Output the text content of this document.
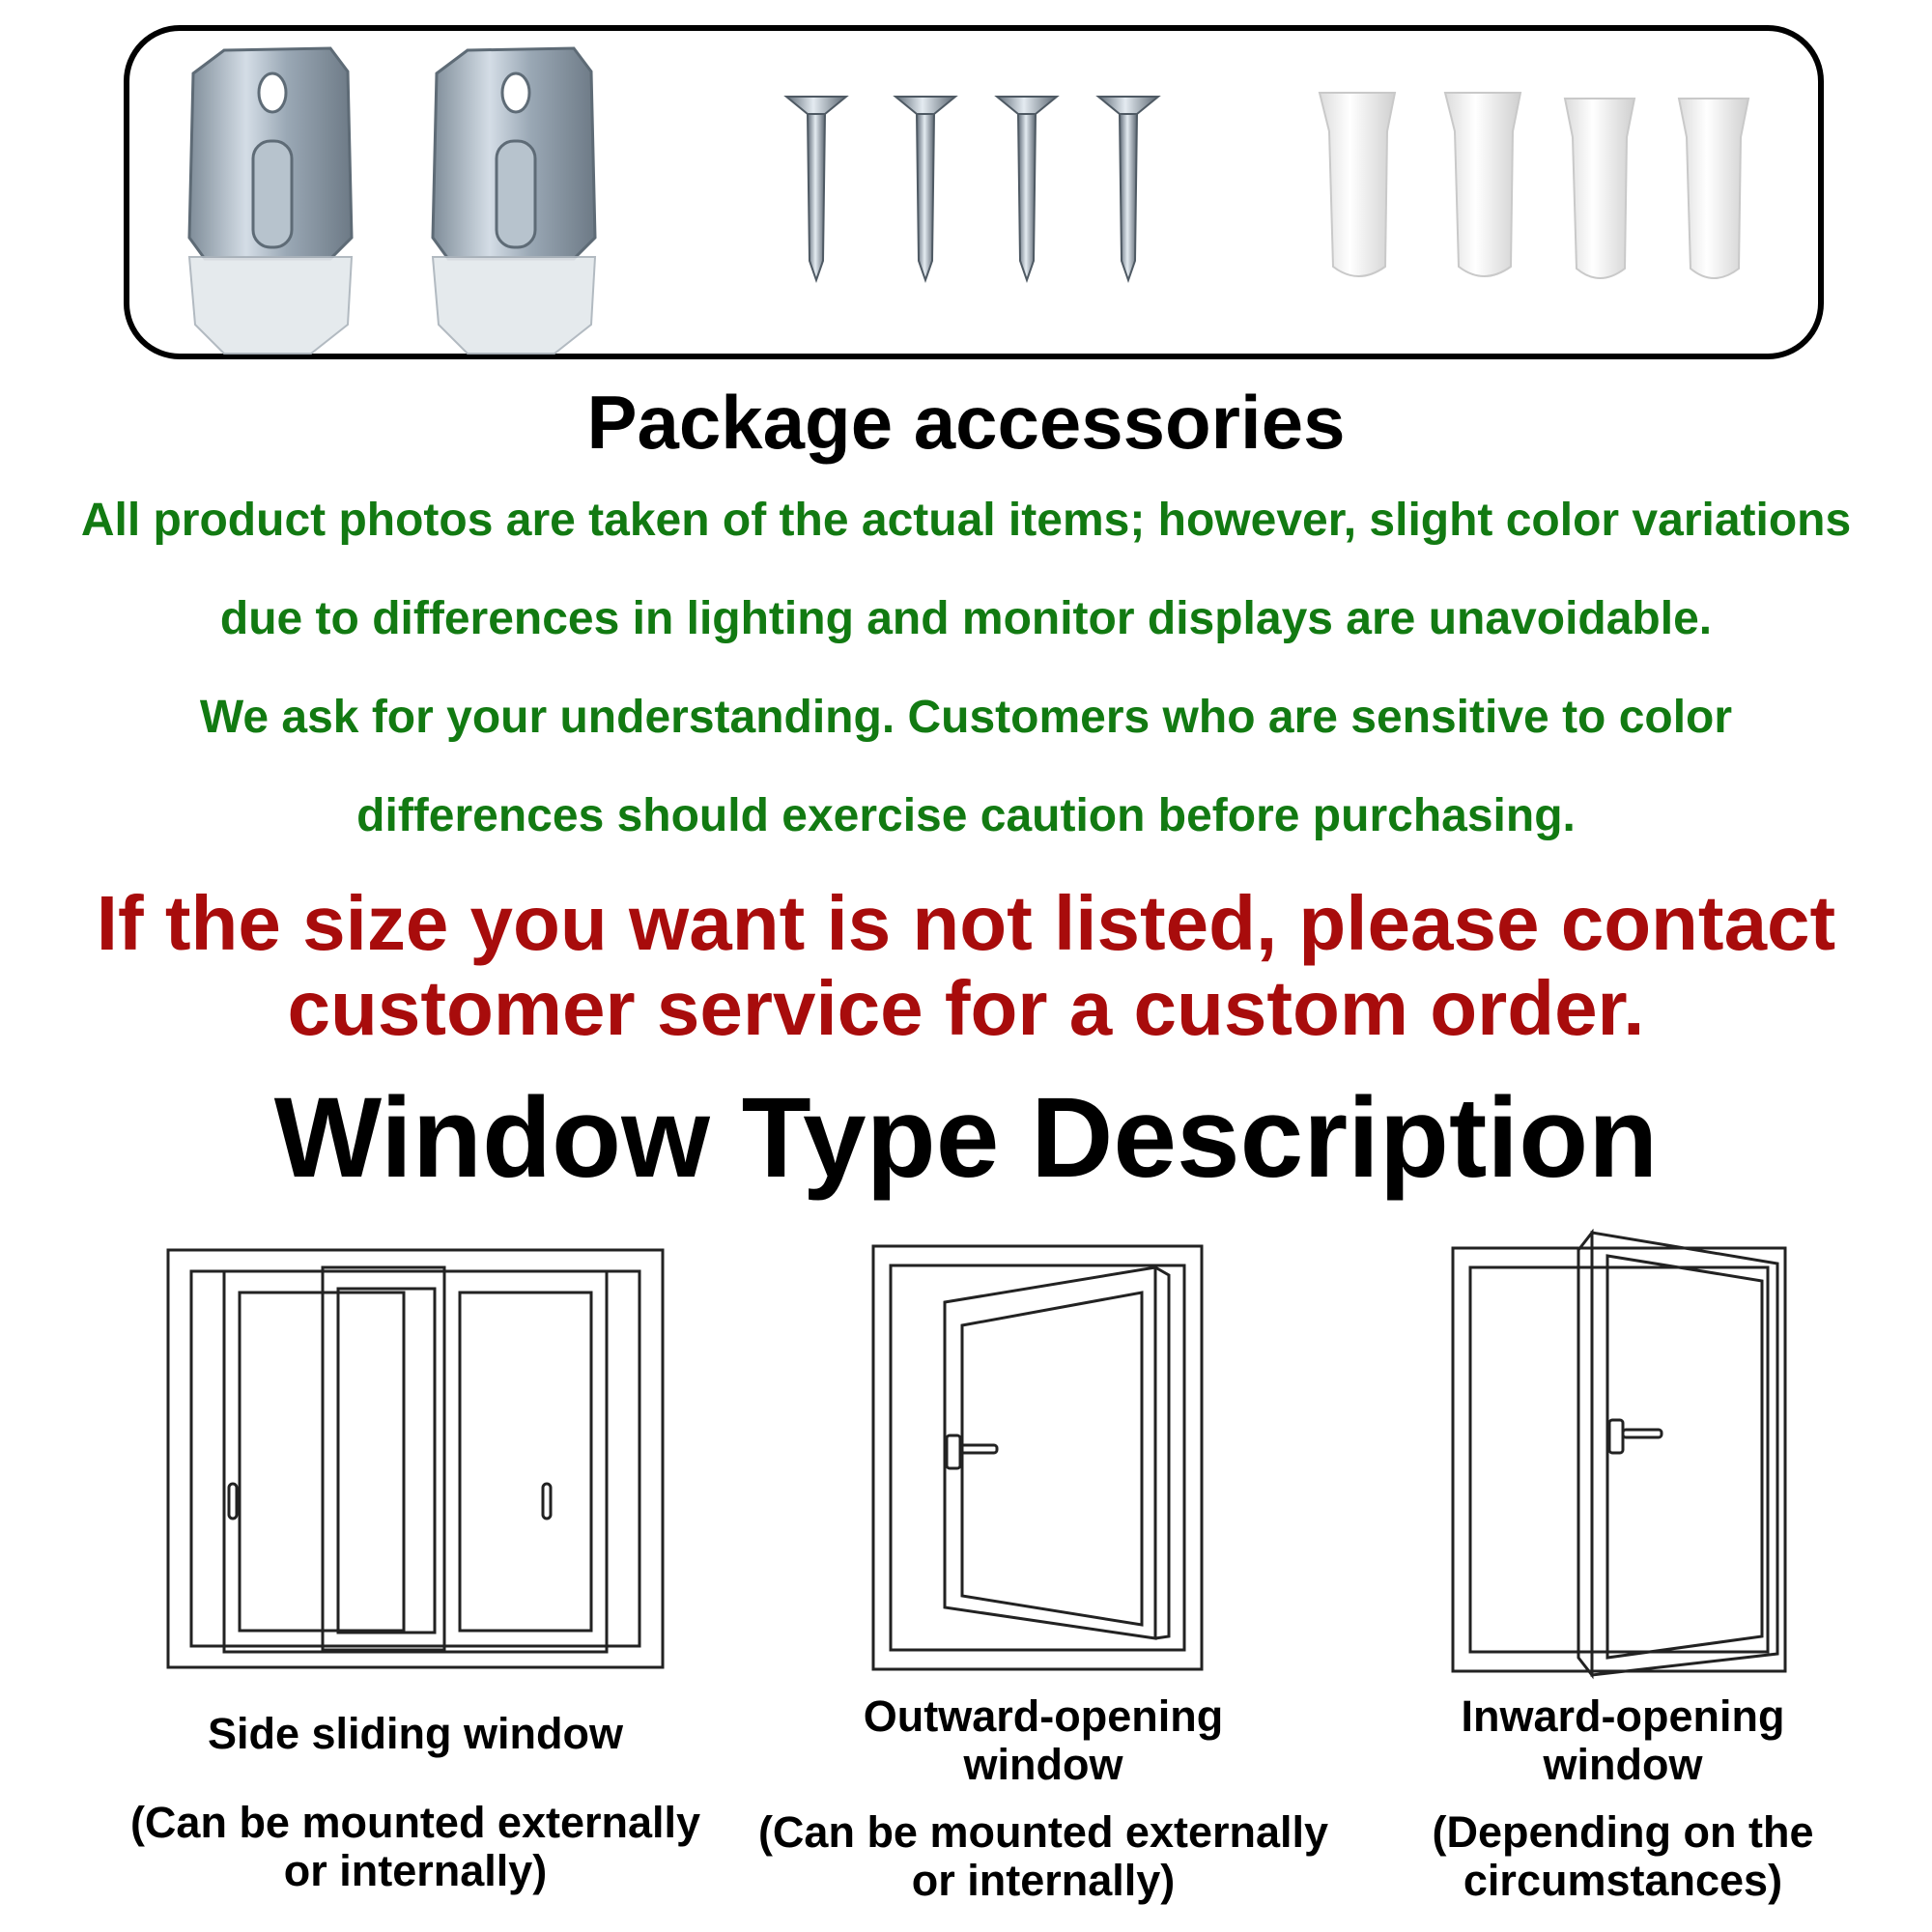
Package accessories
All product photos are taken of the actual items; however, slight color variations
due to differences in lighting and monitor displays are unavoidable.
We ask for your understanding. Customers who are sensitive to color
differences should exercise caution before purchasing.
If the size you want is not listed, please contact
customer service for a custom order.
Window Type Description
Side sliding window
(Can be mounted externally
or internally)
Outward-opening
window
(Can be mounted externally
or internally)
Inward-opening
window
(Depending on the
circumstances)
